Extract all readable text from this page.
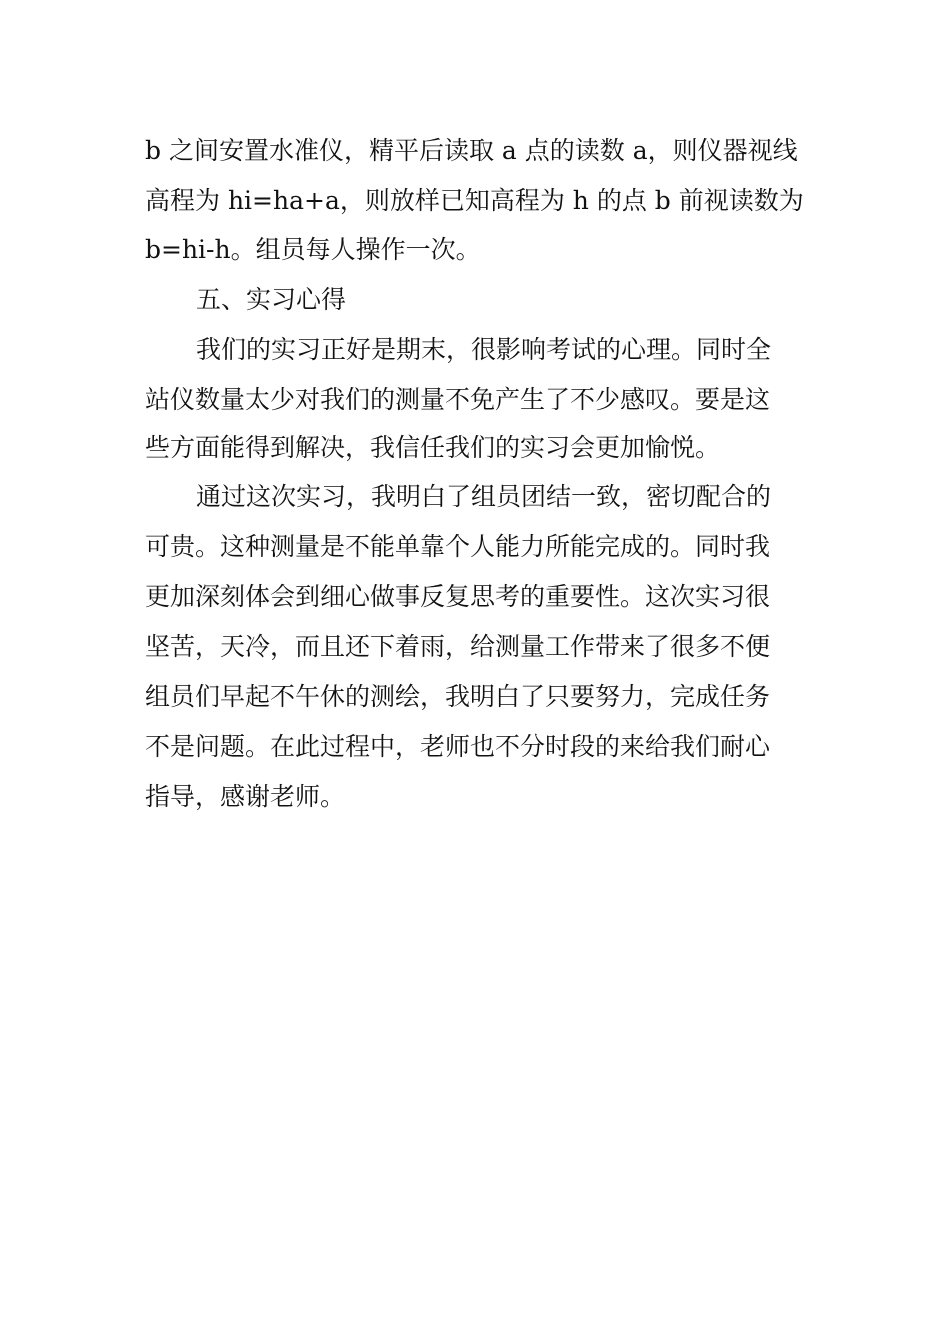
b 之间安置水准仪，精平后读取 a 点的读数 a，则仪器视线

高程为 hi=ha+a，则放样已知高程为 h 的点 b 前视读数为

b=hi-h。组员每人操作一次。

五、实习心得

我们的实习正好是期末，很影响考试的心理。同时全

站仪数量太少对我们的测量不免产生了不少感叹。要是这

些方面能得到解决，我信任我们的实习会更加愉悦。

通过这次实习，我明白了组员团结一致，密切配合的

可贵。这种测量是不能单靠个人能力所能完成的。同时我

更加深刻体会到细心做事反复思考的重要性。这次实习很

坚苦，天冷，而且还下着雨，给测量工作带来了很多不便

组员们早起不午休的测绘，我明白了只要努力，完成任务

不是问题。在此过程中，老师也不分时段的来给我们耐心

指导，感谢老师。
